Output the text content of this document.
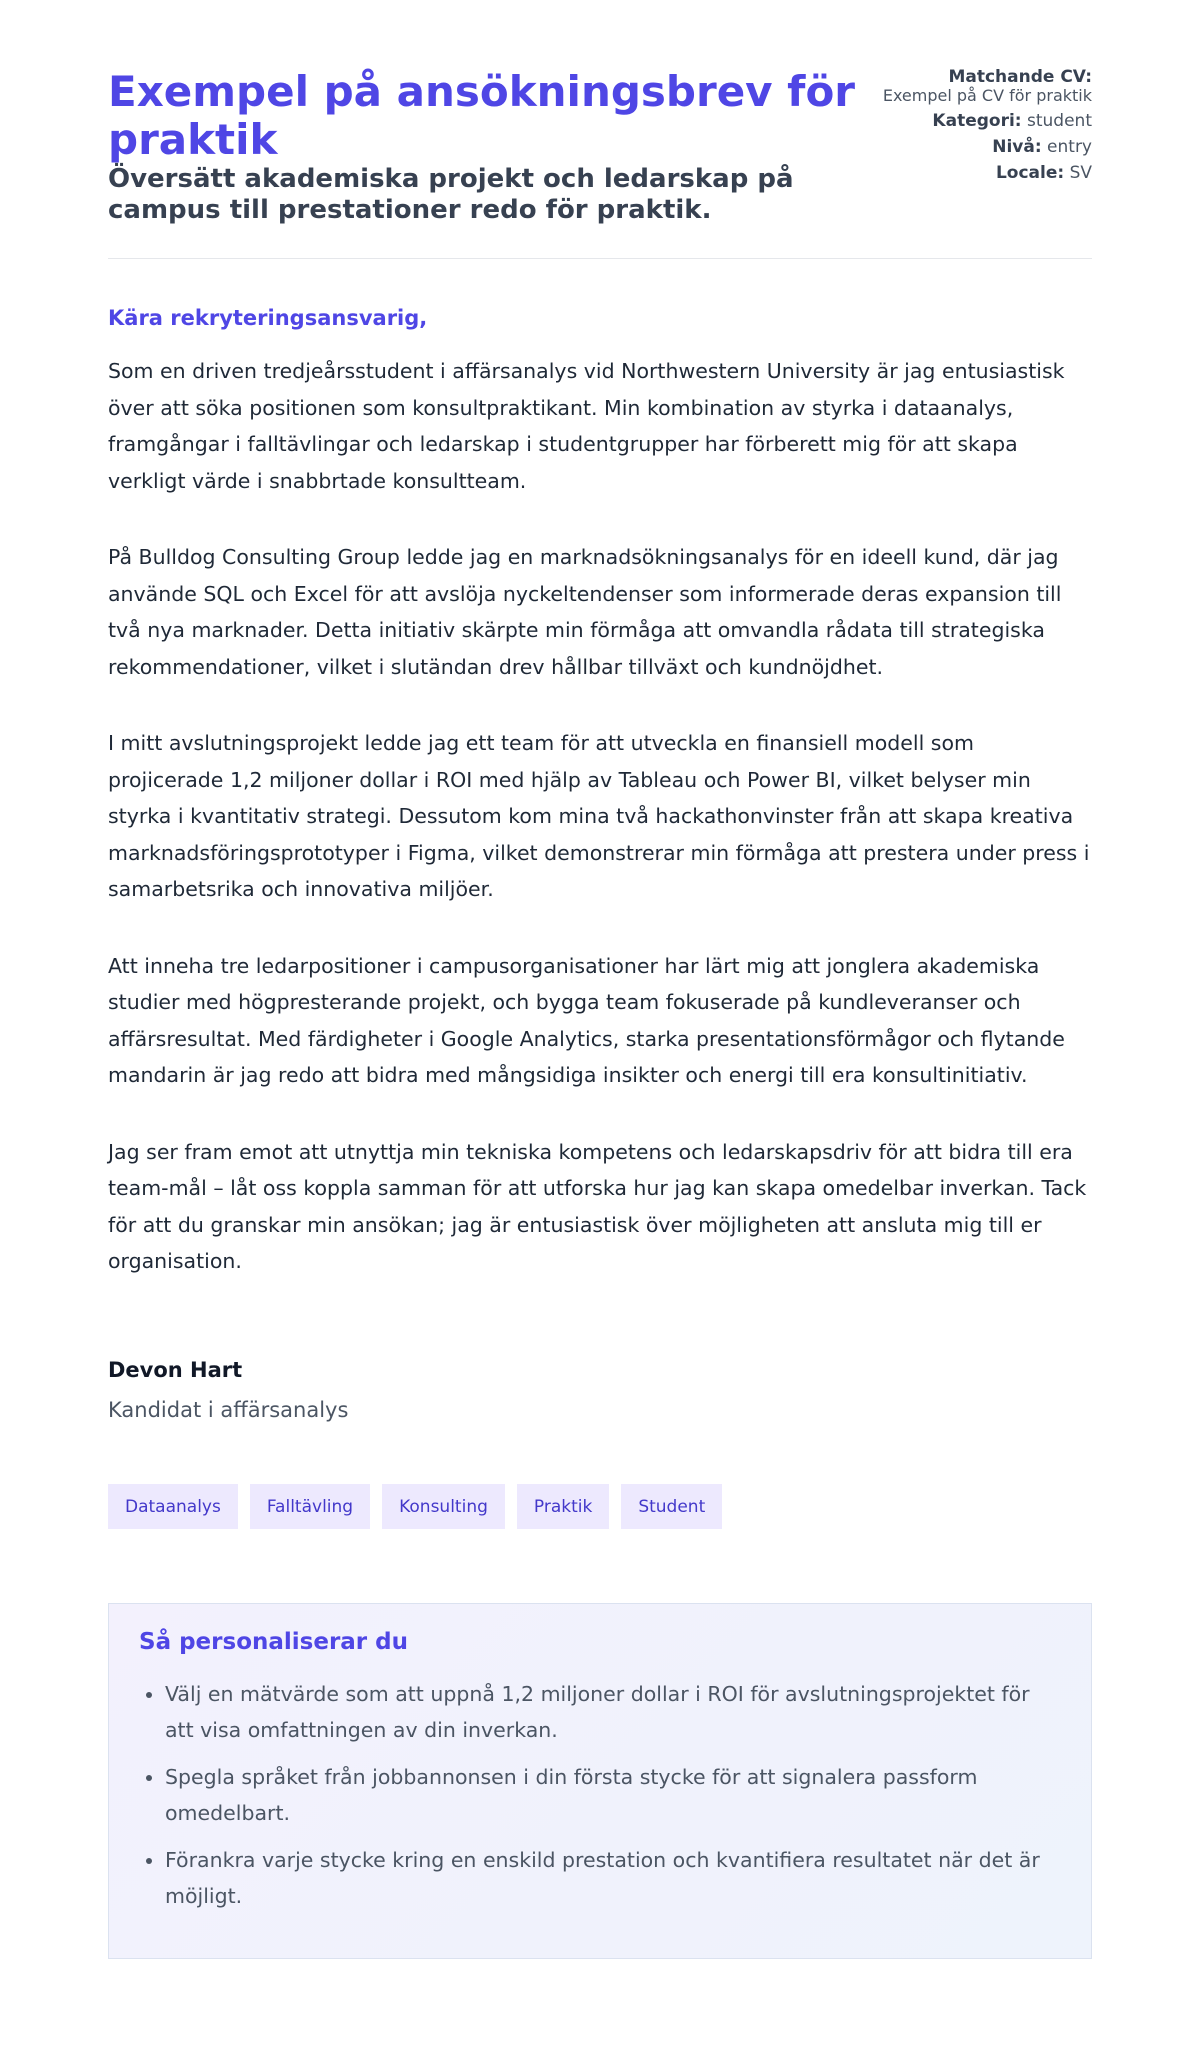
Exempel på ansökningsbrev för praktik
Översätt akademiska projekt och ledarskap på campus till prestationer redo för praktik.
Matchande CV:
Exempel på CV för praktik
Kategori: student
Nivå: entry
Locale: SV

Kära rekryteringsansvarig,

Som en driven tredjeårsstudent i affärsanalys vid Northwestern University är jag entusiastisk över att söka positionen som konsultpraktikant. Min kombination av styrka i dataanalys, framgångar i falltävlingar och ledarskap i studentgrupper har förberett mig för att skapa verkligt värde i snabbrtade konsultteam.

På Bulldog Consulting Group ledde jag en marknadsökningsanalys för en ideell kund, där jag använde SQL och Excel för att avslöja nyckeltendenser som informerade deras expansion till två nya marknader. Detta initiativ skärpte min förmåga att omvandla rådata till strategiska rekommendationer, vilket i slutändan drev hållbar tillväxt och kundnöjdhet.

I mitt avslutningsprojekt ledde jag ett team för att utveckla en finansiell modell som projicerade 1,2 miljoner dollar i ROI med hjälp av Tableau och Power BI, vilket belyser min styrka i kvantitativ strategi. Dessutom kom mina två hackathonvinster från att skapa kreativa marknadsföringsprototyper i Figma, vilket demonstrerar min förmåga att prestera under press i samarbetsrika och innovativa miljöer.

Att inneha tre ledarpositioner i campusorganisationer har lärt mig att jonglera akademiska studier med högpresterande projekt, och bygga team fokuserade på kundleveranser och affärsresultat. Med färdigheter i Google Analytics, starka presentationsförmågor och flytande mandarin är jag redo att bidra med mångsidiga insikter och energi till era konsultinitiativ.

Jag ser fram emot att utnyttja min tekniska kompetens och ledarskapsdriv för att bidra till era team-mål – låt oss koppla samman för att utforska hur jag kan skapa omedelbar inverkan. Tack för att du granskar min ansökan; jag är entusiastisk över möjligheten att ansluta mig till er organisation.

Devon Hart

Kandidat i affärsanalys

Dataanalys	Falltävling	Konsulting	Praktik	Student
Så personaliserar du
• Välj en mätvärde som att uppnå 1,2 miljoner dollar i ROI för avslutningsprojektet för att visa omfattningen av din inverkan.
• Spegla språket från jobbannonsen i din första stycke för att signalera passform omedelbart.
• Förankra varje stycke kring en enskild prestation och kvantifiera resultatet när det är möjligt.
